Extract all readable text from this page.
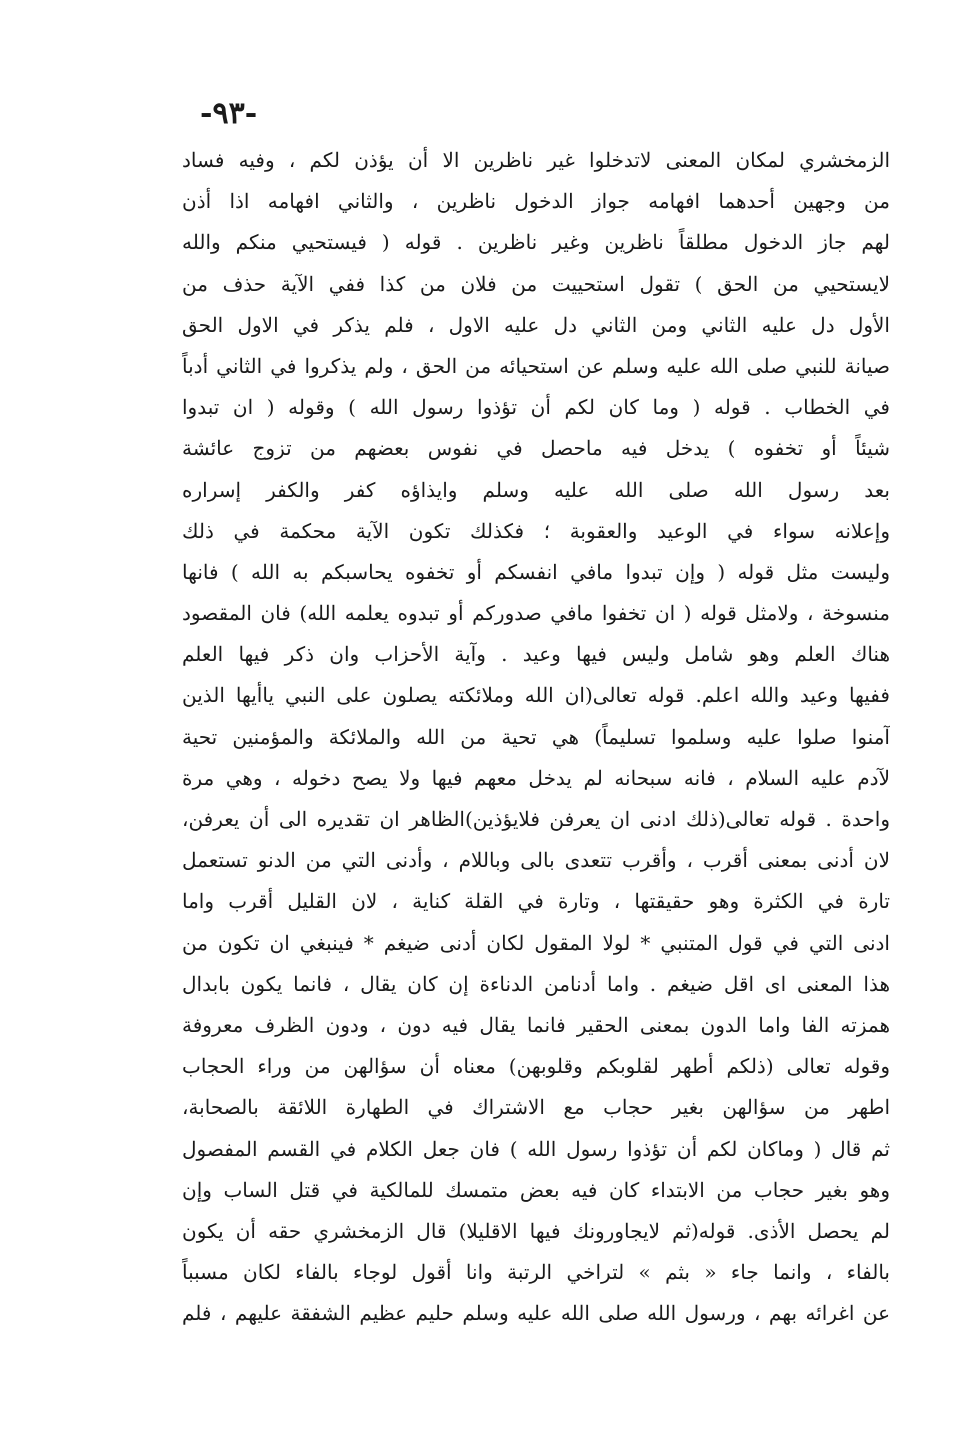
-٩٣-
الزمخشري لمكان المعنى لاتدخلوا غير ناظرين الا أن يؤذن لكم ، وفيه فساد
من وجهين أحدهما افهامه جواز الدخول ناظرين ، والثاني افهامه اذا أذن
لهم جاز الدخول مطلقاً ناظرين وغير ناظرين . قوله ( فيستحيي منكم والله
لايستحيي من الحق ) تقول استحييت من فلان من كذا ففي الآية حذف من
الأول دل عليه الثاني ومن الثاني دل عليه الاول ، فلم يذكر في الاول الحق
صيانة للنبي صلى الله عليه وسلم عن استحيائه من الحق ، ولم يذكروا في الثاني أدباً
في الخطاب . قوله ( وما كان لكم أن تؤذوا رسول الله ) وقوله ( ان تبدوا
شيئاً أو تخفوه ) يدخل فيه ماحصل في نفوس بعضهم من تزوج عائشة
بعد رسول الله صلى الله عليه وسلم وايذاؤه كفر والكفر إسراره
وإعلانه سواء في الوعيد والعقوبة ؛ فكذلك تكون الآية محكمة في ذلك
وليست مثل قوله ( وإن تبدوا مافي انفسكم أو تخفوه يحاسبكم به الله ) فانها
منسوخة ، ولامثل قوله ( ان تخفوا مافي صدوركم أو تبدوه يعلمه الله) فان المقصود
هناك العلم وهو شامل وليس فيها وعيد . وآية الأحزاب وان ذكر فيها العلم
ففيها وعيد والله اعلم. قوله تعالى(ان الله وملائكته يصلون على النبي ياأيها الذين
آمنوا صلوا عليه وسلموا تسليماً) هي تحية من الله والملائكة والمؤمنين تحية
لآدم عليه السلام ، فانه سبحانه لم يدخل معهم فيها ولا يصح دخوله ، وهي مرة
واحدة . قوله تعالى(ذلك ادنى ان يعرفن فلايؤذين)الظاهر ان تقديره الى أن يعرفن،
لان أدنى بمعنى أقرب ، وأقرب تتعدى بالى وباللام ، وأدنى التي من الدنو تستعمل
تارة في الكثرة وهو حقيقتها ، وتارة في القلة كناية ، لان القليل أقرب واما
ادنى التي في قول المتنبي * لولا المقول لكان أدنى ضيغم * فينبغي ان تكون من
هذا المعنى اى اقل ضيغم . واما أدنامن الدناءة إن كان يقال ، فانما يكون بابدال
همزته الفا واما الدون بمعنى الحقير فانما يقال فيه دون ، ودون الظرف معروفة
وقوله تعالى (ذلكم أطهر لقلوبكم وقلوبهن) معناه أن سؤالهن من وراء الحجاب
اطهر من سؤالهن بغير حجاب مع الاشتراك في الطهارة اللائقة بالصحابة،
ثم قال ( وماكان لكم أن تؤذوا رسول الله ) فان جعل الكلام في القسم المفصول
وهو بغير حجاب من الابتداء كان فيه بعض متمسك للمالكية في قتل الساب وإن
لم يحصل الأذى. قوله(ثم لايجاورونك فيها الاقليلا) قال الزمخشري حقه أن يكون
بالفاء ، وانما جاء « بثم » لتراخي الرتبة وانا أقول لوجاء بالفاء لكان مسبباً
عن اغرائه بهم ، ورسول الله صلى الله عليه وسلم حليم عظيم الشفقة عليهم ، فلم
